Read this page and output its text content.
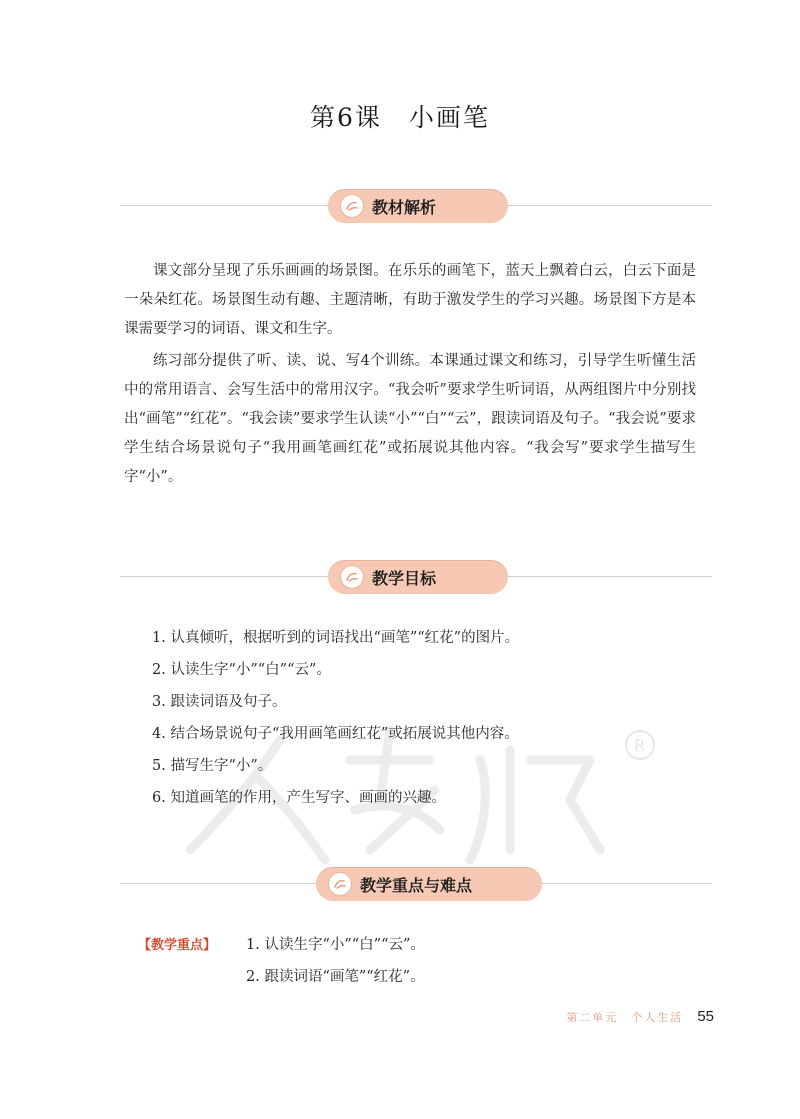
R
第6课　小画笔
教材解析

课文部分呈现了乐乐画画的场景图。在乐乐的画笔下，蓝天上飘着白云，白云下面是一朵朵红花。场景图生动有趣、主题清晰，有助于激发学生的学习兴趣。场景图下方是本课需要学习的词语、课文和生字。

练习部分提供了听、读、说、写4个训练。本课通过课文和练习，引导学生听懂生活中的常用语言、会写生活中的常用汉字。“我会听”要求学生听词语，从两组图片中分别找出“画笔”“红花”。“我会读”要求学生认读“小”“白”“云”，跟读词语及句子。“我会说”要求学生结合场景说句子“我用画笔画红花”或拓展说其他内容。“我会写”要求学生描写生字“小”。

教学目标
1. 认真倾听，根据听到的词语找出“画笔”“红花”的图片。
2. 认读生字“小”“白”“云”。
3. 跟读词语及句子。
4. 结合场景说句子“我用画笔画红花”或拓展说其他内容。
5. 描写生字“小”。
6. 知道画笔的作用，产生写字、画画的兴趣。
教学重点与难点
【教学重点】 1. 认读生字“小”“白”“云”。
2. 跟读词语“画笔”“红花”。
第二单元　个人生活 55
